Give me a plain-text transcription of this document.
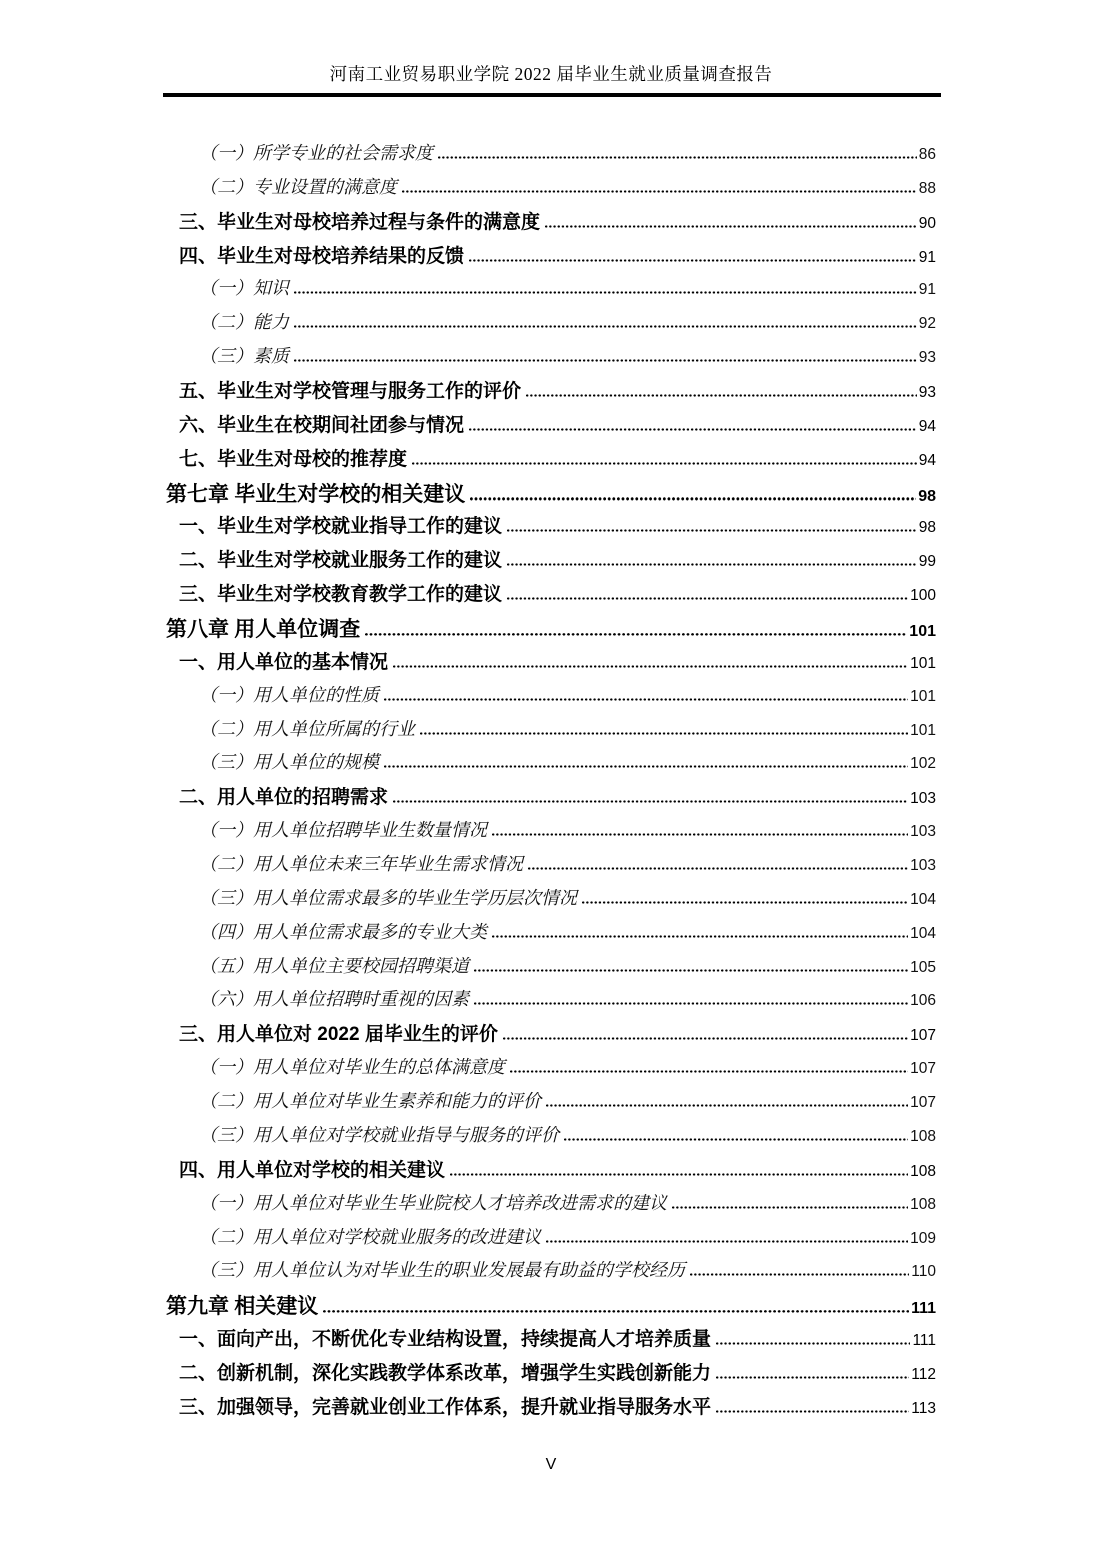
河南工业贸易职业学院 2022 届毕业生就业质量调查报告
（一）所学专业的社会需求度	86
（二）专业设置的满意度	88
三、毕业生对母校培养过程与条件的满意度	90
四、毕业生对母校培养结果的反馈	91
（一）知识	91
（二）能力	92
（三）素质	93
五、毕业生对学校管理与服务工作的评价	93
六、毕业生在校期间社团参与情况	94
七、毕业生对母校的推荐度	94
第七章 毕业生对学校的相关建议	98
一、毕业生对学校就业指导工作的建议	98
二、毕业生对学校就业服务工作的建议	99
三、毕业生对学校教育教学工作的建议	100
第八章 用人单位调查	101
一、用人单位的基本情况	101
（一）用人单位的性质	101
（二）用人单位所属的行业	101
（三）用人单位的规模	102
二、用人单位的招聘需求	103
（一）用人单位招聘毕业生数量情况	103
（二）用人单位未来三年毕业生需求情况	103
（三）用人单位需求最多的毕业生学历层次情况	104
（四）用人单位需求最多的专业大类	104
（五）用人单位主要校园招聘渠道	105
（六）用人单位招聘时重视的因素	106
三、用人单位对 2022 届毕业生的评价	107
（一）用人单位对毕业生的总体满意度	107
（二）用人单位对毕业生素养和能力的评价	107
（三）用人单位对学校就业指导与服务的评价	108
四、用人单位对学校的相关建议	108
（一）用人单位对毕业生毕业院校人才培养改进需求的建议	108
（二）用人单位对学校就业服务的改进建议	109
（三）用人单位认为对毕业生的职业发展最有助益的学校经历	110
第九章 相关建议	111
一、面向产出，不断优化专业结构设置，持续提高人才培养质量	111
二、创新机制，深化实践教学体系改革，增强学生实践创新能力	112
三、加强领导，完善就业创业工作体系，提升就业指导服务水平	113
V
